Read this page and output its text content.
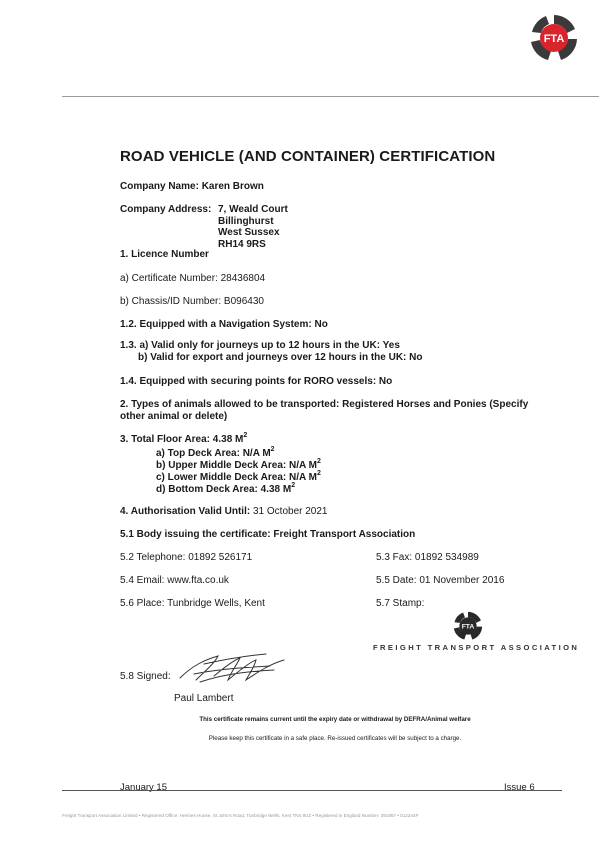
FTA
ROAD VEHICLE (AND CONTAINER) CERTIFICATION
Company Name: Karen Brown
Company Address: 7, Weald Court
Billinghurst
West Sussex
RH14 9RS
1. Licence Number
a) Certificate Number: 28436804
b) Chassis/ID Number: B096430
1.2. Equipped with a Navigation System: No
1.3. a) Valid only for journeys up to 12 hours in the UK: Yes
b) Valid for export and journeys over 12 hours in the UK: No
1.4. Equipped with securing points for RORO vessels: No
2. Types of animals allowed to be transported: Registered Horses and Ponies (Specify
other animal or delete)
3. Total Floor Area: 4.38 $M^2$
a) Top Deck Area: N/A $M^2$
b) Upper Middle Deck Area: N/A $M^2$
c) Lower Middle Deck Area: N/A $M^2$
d) Bottom Deck Area: 4.38 $M^2$
4. Authorisation Valid Until: 31 October 2021
5.1 Body issuing the certificate: Freight Transport Association
5.2 Telephone: 01892 526171	5.3 Fax: 01892 534989
5.4 Email: www.fta.co.uk	5.5 Date: 01 November 2016
5.6 Place: Tunbridge Wells, Kent	5.7 Stamp:
FTA
FREIGHT TRANSPORT ASSOCIATION
5.8 Signed:
Paul Lambert
This certificate remains current until the expiry date or withdrawal by DEFRA/Animal welfare
Please keep this certificate in a safe place. Re-issued certificates will be subject to a charge.
January 15	Issue 6
Freight Transport Association Limited • Registered Office: Hermes House, St John's Road, Tunbridge Wells, Kent TN4 9UZ • Registered in England Number: 391957 • 012244P
